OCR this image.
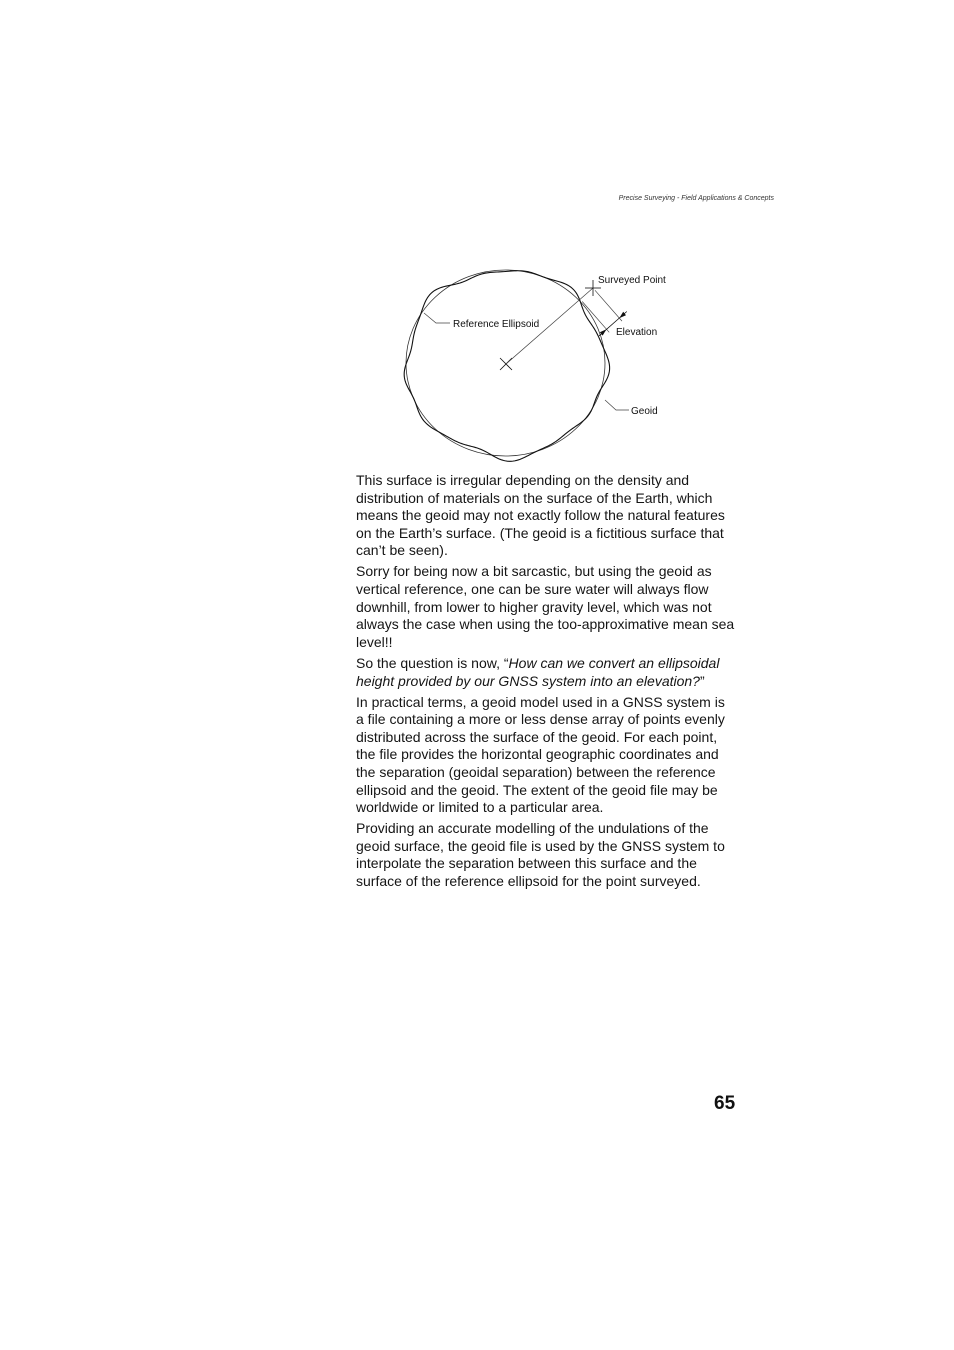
Precise Surveying - Field Applications & Concepts
Surveyed Point
Reference Ellipsoid
Elevation
Geoid
This surface is irregular depending on the density and
distribution of materials on the surface of the Earth, which
means the geoid may not exactly follow the natural features
on the Earth’s surface. (The geoid is a fictitious surface that
can’t be seen).
Sorry for being now a bit sarcastic, but using the geoid as
vertical reference, one can be sure water will always flow
downhill, from lower to higher gravity level, which was not
always the case when using the too-approximative mean sea
level!!
So the question is now, “How can we convert an ellipsoidal
height provided by our GNSS system into an elevation?”
In practical terms, a geoid model used in a GNSS system is
a file containing a more or less dense array of points evenly
distributed across the surface of the geoid. For each point,
the file provides the horizontal geographic coordinates and
the separation (geoidal separation) between the reference
ellipsoid and the geoid. The extent of the geoid file may be
worldwide or limited to a particular area.
Providing an accurate modelling of the undulations of the
geoid surface, the geoid file is used by the GNSS system to
interpolate the separation between this surface and the
surface of the reference ellipsoid for the point surveyed.
65
